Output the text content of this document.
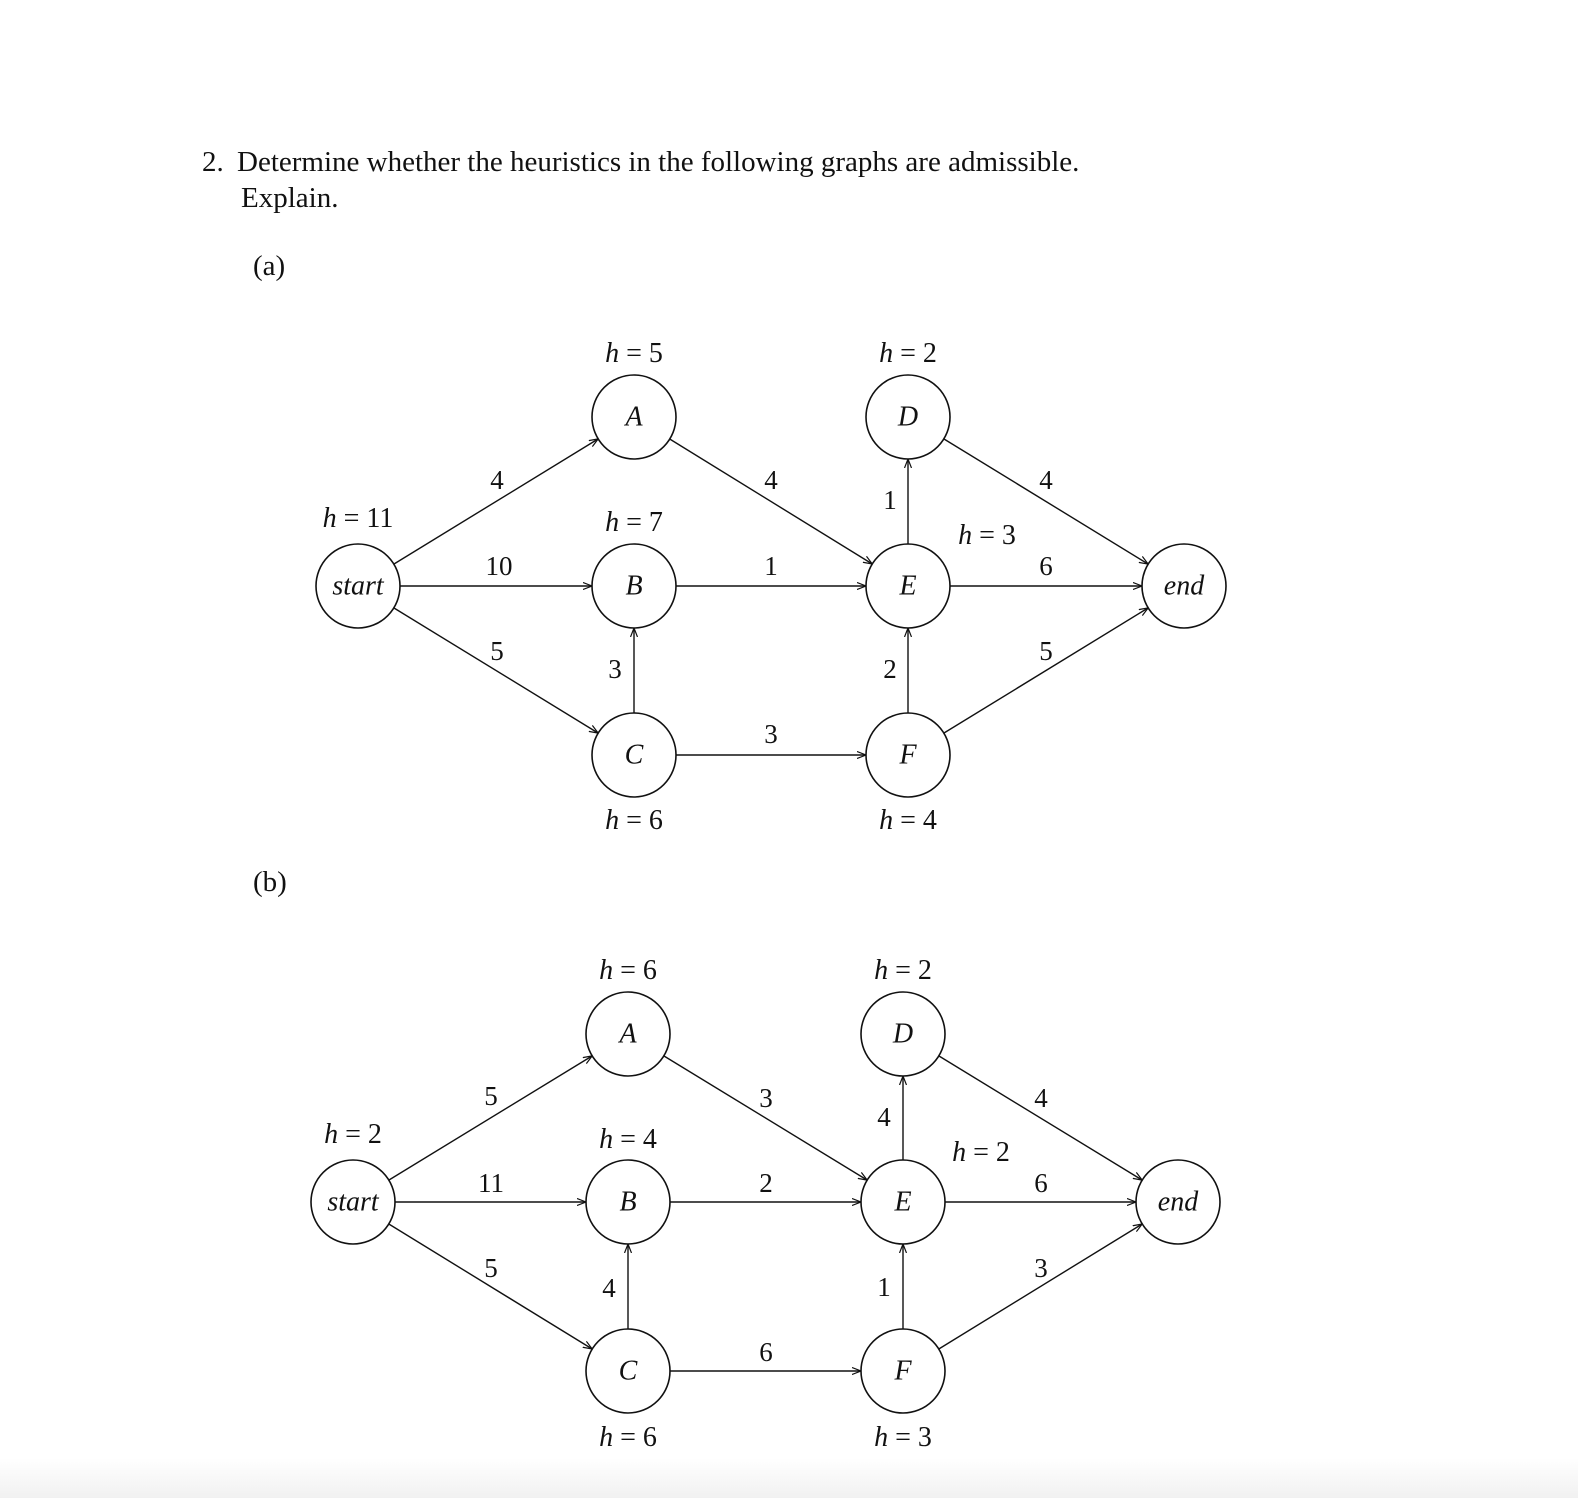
2. Determine whether the heuristics in the following graphs are admissible.
Explain.
(a)
(b)
4
10
5
3
4
1
3
1
2
4
6
5
start
h = 11
A
h = 5
B
h = 7
C
h = 6
D
h = 2
E
h = 3
F
h = 4
end
5
11
5
4
3
2
6
4
1
4
6
3
start
h = 2
A
h = 6
B
h = 4
C
h = 6
D
h = 2
E
h = 2
F
h = 3
end
